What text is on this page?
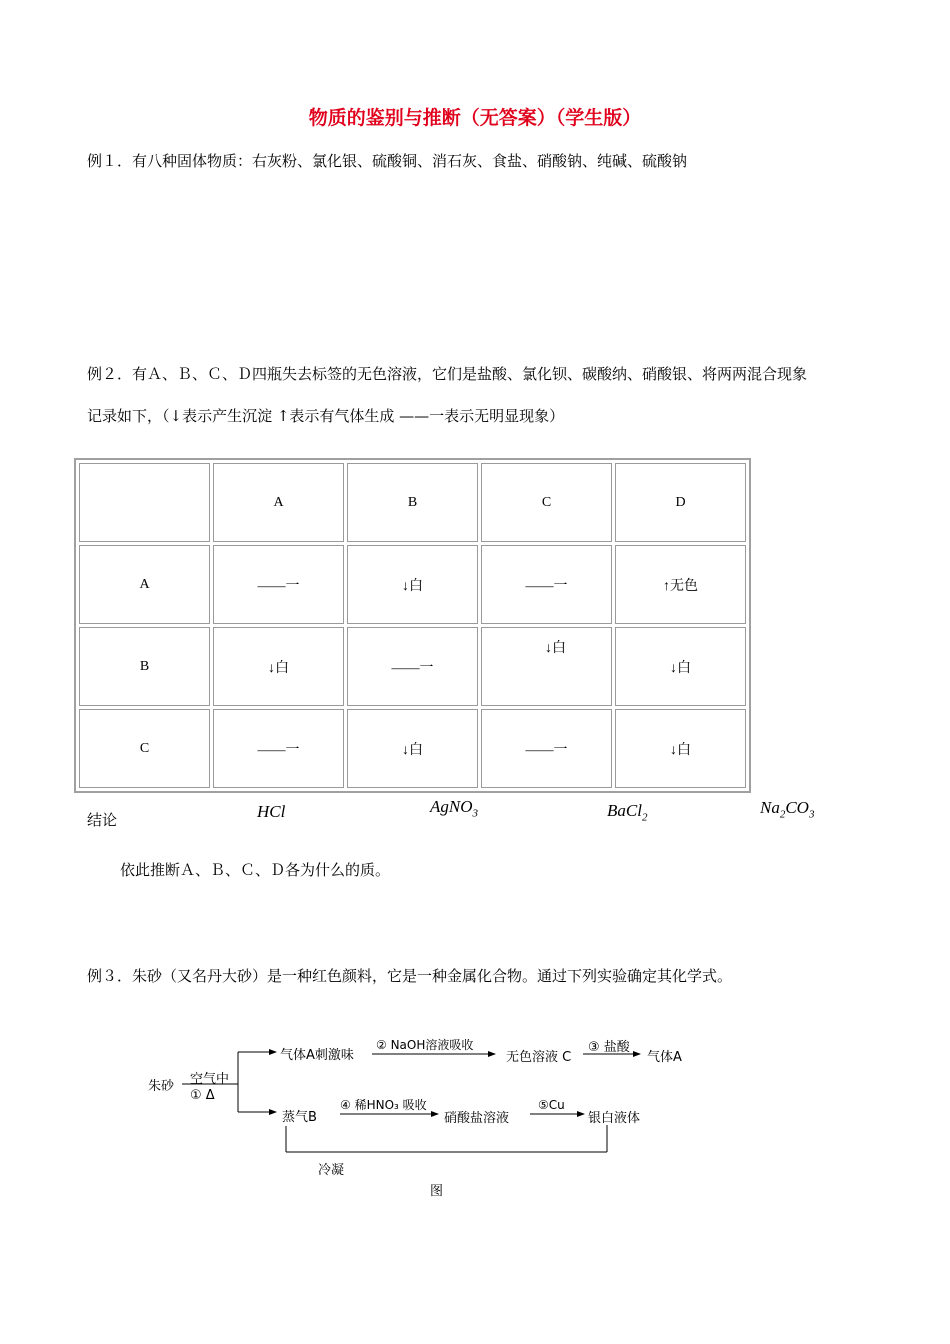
物质的鉴别与推断（无答案）（学生版）
例１．有八种固体物质：右灰粉、氯化银、硫酸铜、消石灰、食盐、硝酸钠、纯碱、硫酸钠
例２．有Ａ、Ｂ、Ｃ、Ｄ四瓶失去标签的无色溶液，它们是盐酸、氯化钡、碳酸纳、硝酸银、将两两混合现象
记录如下，（↓表示产生沉淀 ↑表示有气体生成 ——一表示无明显现象）
	A	B	C	D
A	——一	↓白	——一	↑无色
B	↓白	——一	↓白	↓白
C	——一	↓白	——一	↓白
结论	HCl	AgNO$_3$	BaCl$_2$
$Na_2CO_3$
依此推断Ａ、Ｂ、Ｃ、Ｄ各为什么的质。
例３．朱砂（又名丹大砂）是一种红色颜料，它是一种金属化合物。通过下列实验确定其化学式。
朱砂 空气中
① Δ
气体A刺激味
② NaOH溶液吸收
无色溶液 C
③ 盐酸
气体A
蒸气B
④ 稀HNO₃ 吸收
硝酸盐溶液
⑤Cu
银白液体
冷凝
图
